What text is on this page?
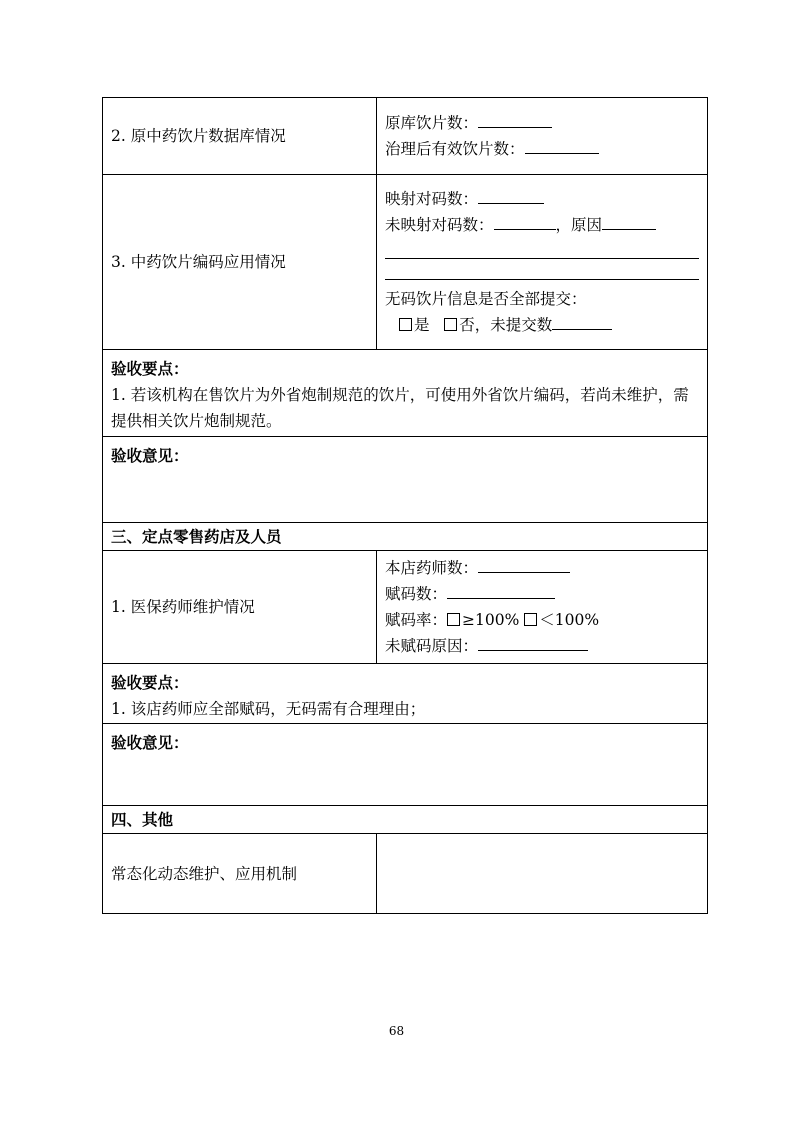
2. 原中药饮片数据库情况	原库饮片数：
治理后有效饮片数：

3. 中药饮片编码应用情况	映射对码数：
未映射对码数： ，原因
无码饮片信息是否全部提交：
是 否，未提交数

验收要点：
1. 若该机构在售饮片为外省炮制规范的饮片，可使用外省饮片编码，若尚未维护，需提供相关饮片炮制规范。	

验收意见：	

三、定点零售药店及人员	
1. 医保药师维护情况	本店药师数：
赋码数：
赋码率： ≥100% ＜100%
未赋码原因：

验收要点：
1. 该店药师应全部赋码，无码需有合理理由；	

验收意见：	

四、其他	
常态化动态维护、应用机制	
68
